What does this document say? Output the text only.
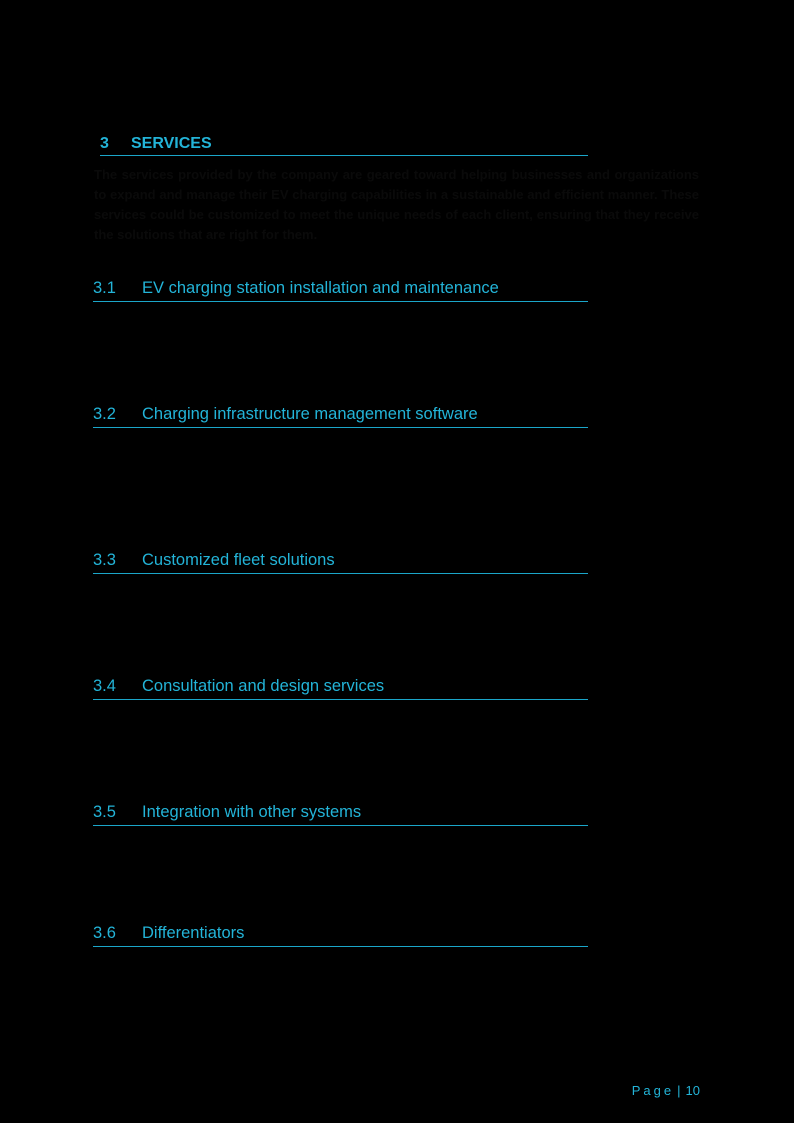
3 SERVICES

The services provided by the company are geared toward helping businesses and organizations to expand and manage their EV charging capabilities in a sustainable and efficient manner. These services could be customized to meet the unique needs of each client, ensuring that they receive the solutions that are right for them.

3.1 EV charging station installation and maintenance
3.2 Charging infrastructure management software
3.3 Customized fleet solutions
3.4 Consultation and design services
3.5 Integration with other systems
3.6 Differentiators
Page | 10
